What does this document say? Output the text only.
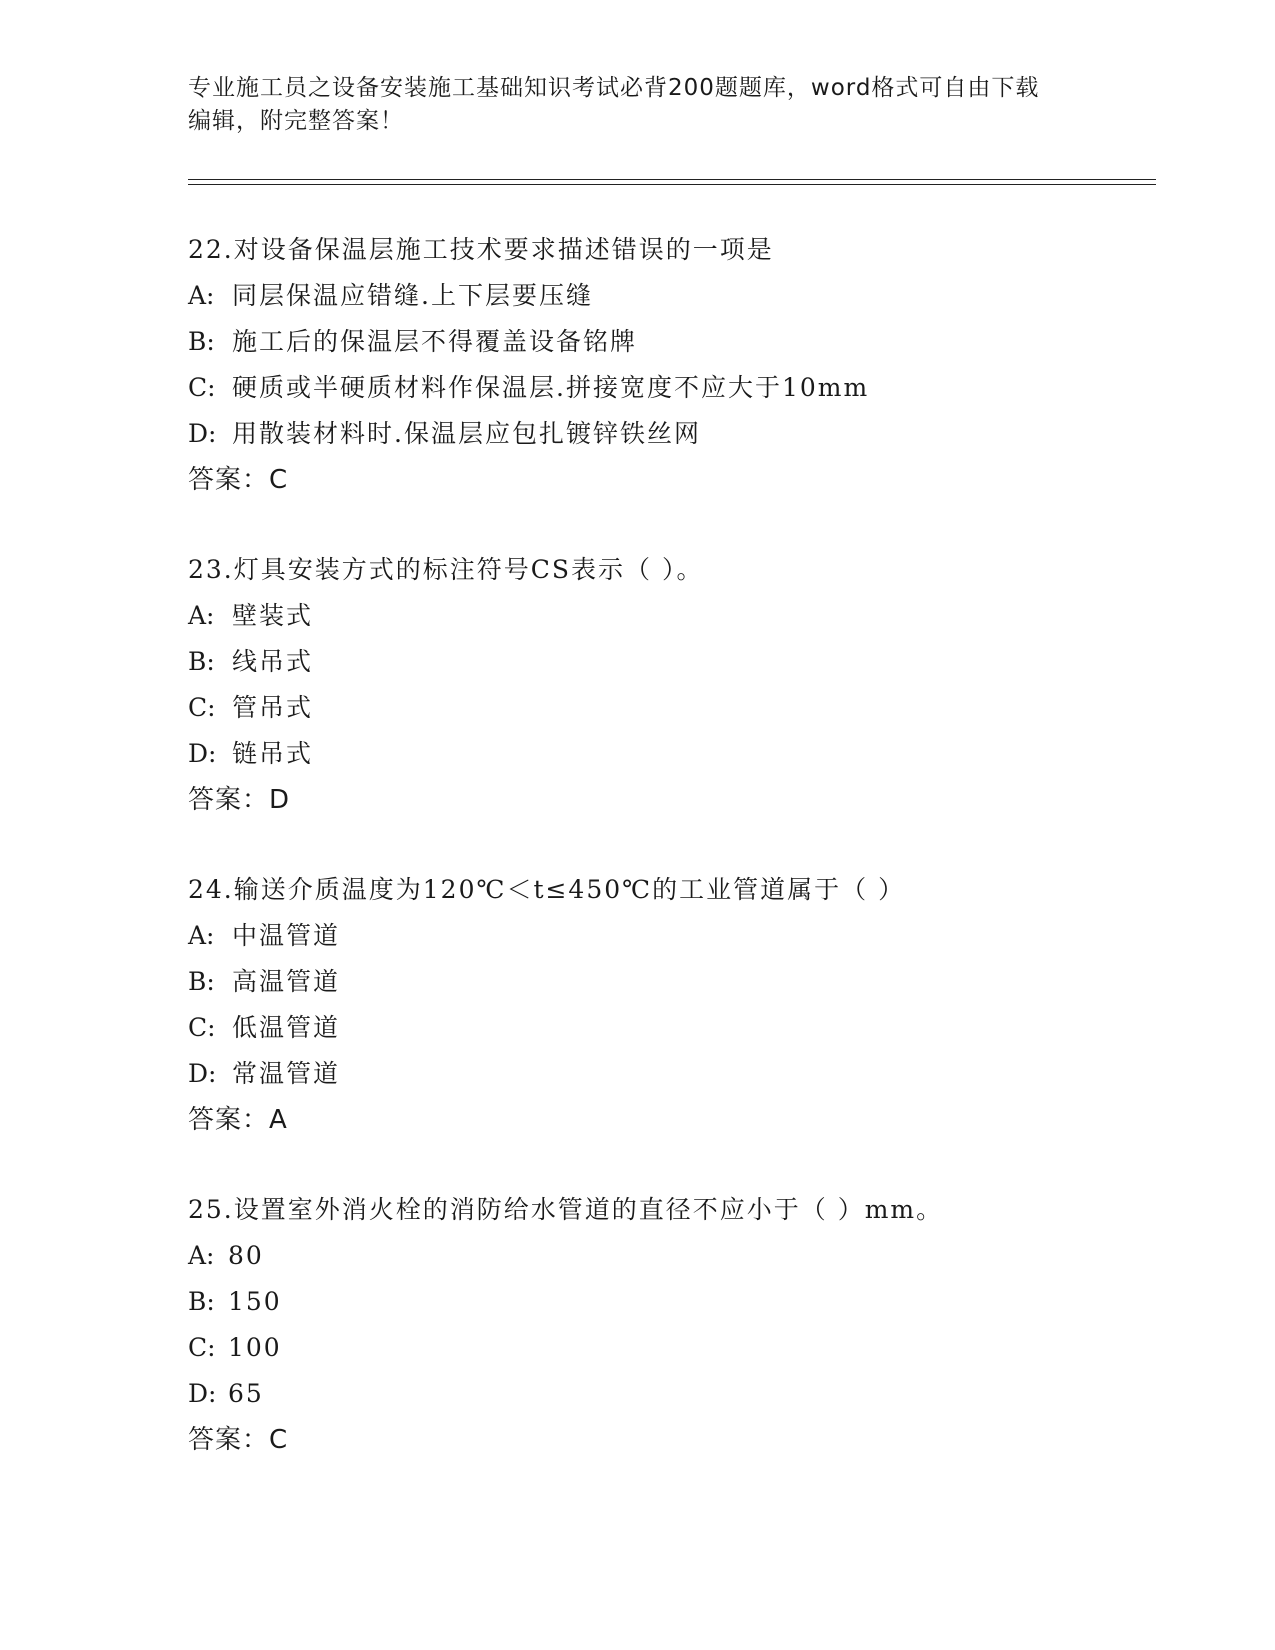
专业施工员之设备安装施工基础知识考试必背200题题库，word格式可自由下载
编辑，附完整答案！
22.对设备保温层施工技术要求描述错误的一项是
A: 同层保温应错缝.上下层要压缝
B: 施工后的保温层不得覆盖设备铭牌
C: 硬质或半硬质材料作保温层.拼接宽度不应大于10mm
D: 用散装材料时.保温层应包扎镀锌铁丝网
答案：C
23.灯具安装方式的标注符号CS表示（ ）。
A: 壁装式
B: 线吊式
C: 管吊式
D: 链吊式
答案：D
24.输送介质温度为120℃＜t≤450℃的工业管道属于（ ）
A: 中温管道
B: 高温管道
C: 低温管道
D: 常温管道
答案：A
25.设置室外消火栓的消防给水管道的直径不应小于（ ）mm。
A: 80
B: 150
C: 100
D: 65
答案：C
